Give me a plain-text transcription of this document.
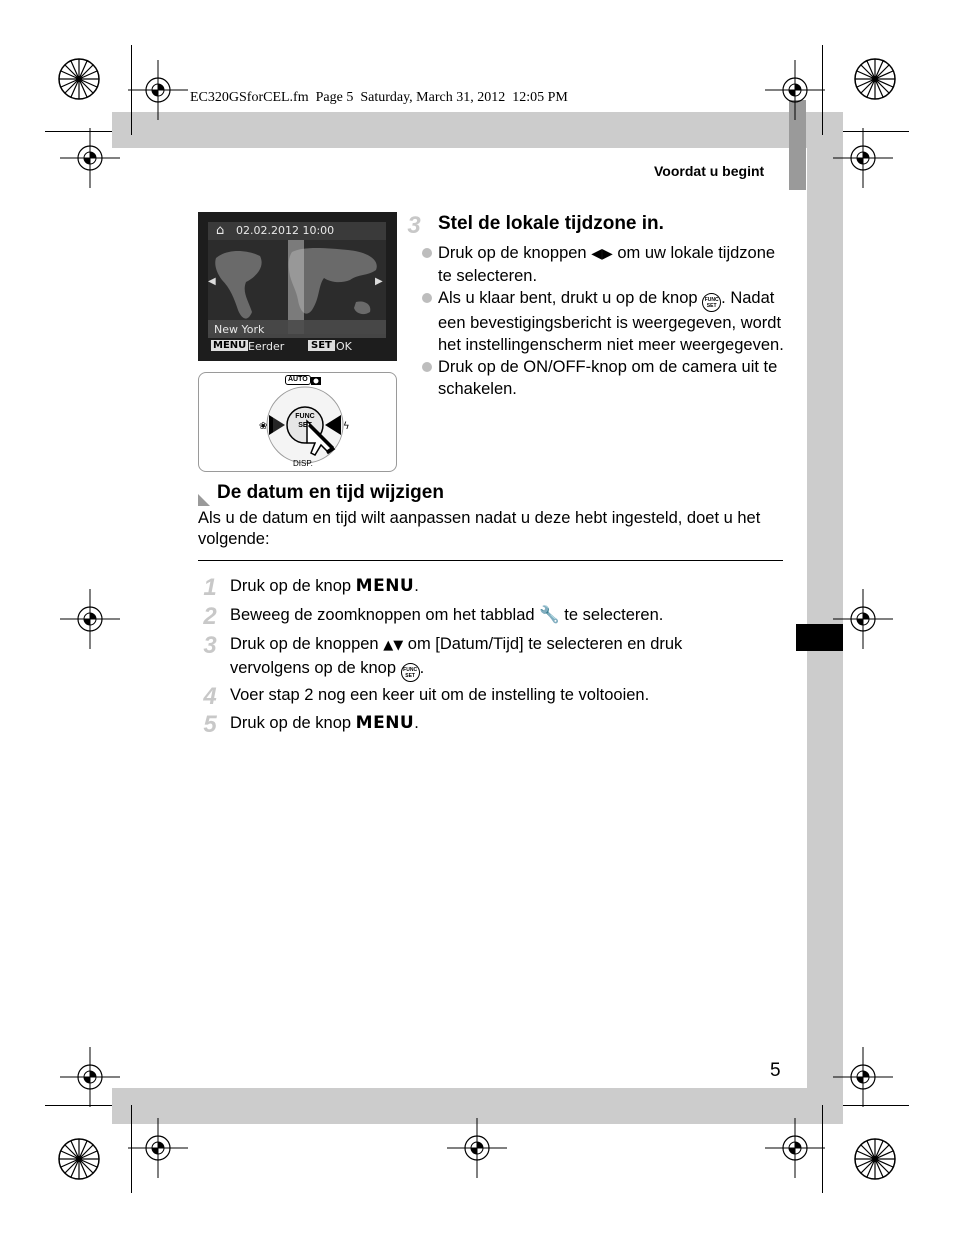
EC320GSforCEL.fm  Page 5  Saturday, March 31, 2012  12:05 PM
Voordat u begint
⌂ 02.02.2012 10:00
New York
◀	▶
MENU Eerder	SET OK
❀	ϟ
AUTO
FUNC
SET
DISP.
3 Stel de lokale tijdzone in.
Druk op de knoppen ◀▶ om uw lokale tijdzone te selecteren.
Als u klaar bent, drukt u op de knop FUNC
SET . Nadat een bevestigingsbericht is weergegeven, wordt het instellingenscherm niet meer weergegeven.
Druk op de ON/OFF-knop om de camera uit te schakelen.
De datum en tijd wijzigen
Als u de datum en tijd wilt aanpassen nadat u deze hebt ingesteld, doet u het volgende:
1 Druk op de knop MENU.
2 Beweeg de zoomknoppen om het tabblad 🔧 te selecteren.
3 Druk op de knoppen ▲▼ om [Datum/Tijd] te selecteren en druk vervolgens op de knop FUNC
SET .
4 Voer stap 2 nog een keer uit om de instelling te voltooien.
5 Druk op de knop MENU.
5
